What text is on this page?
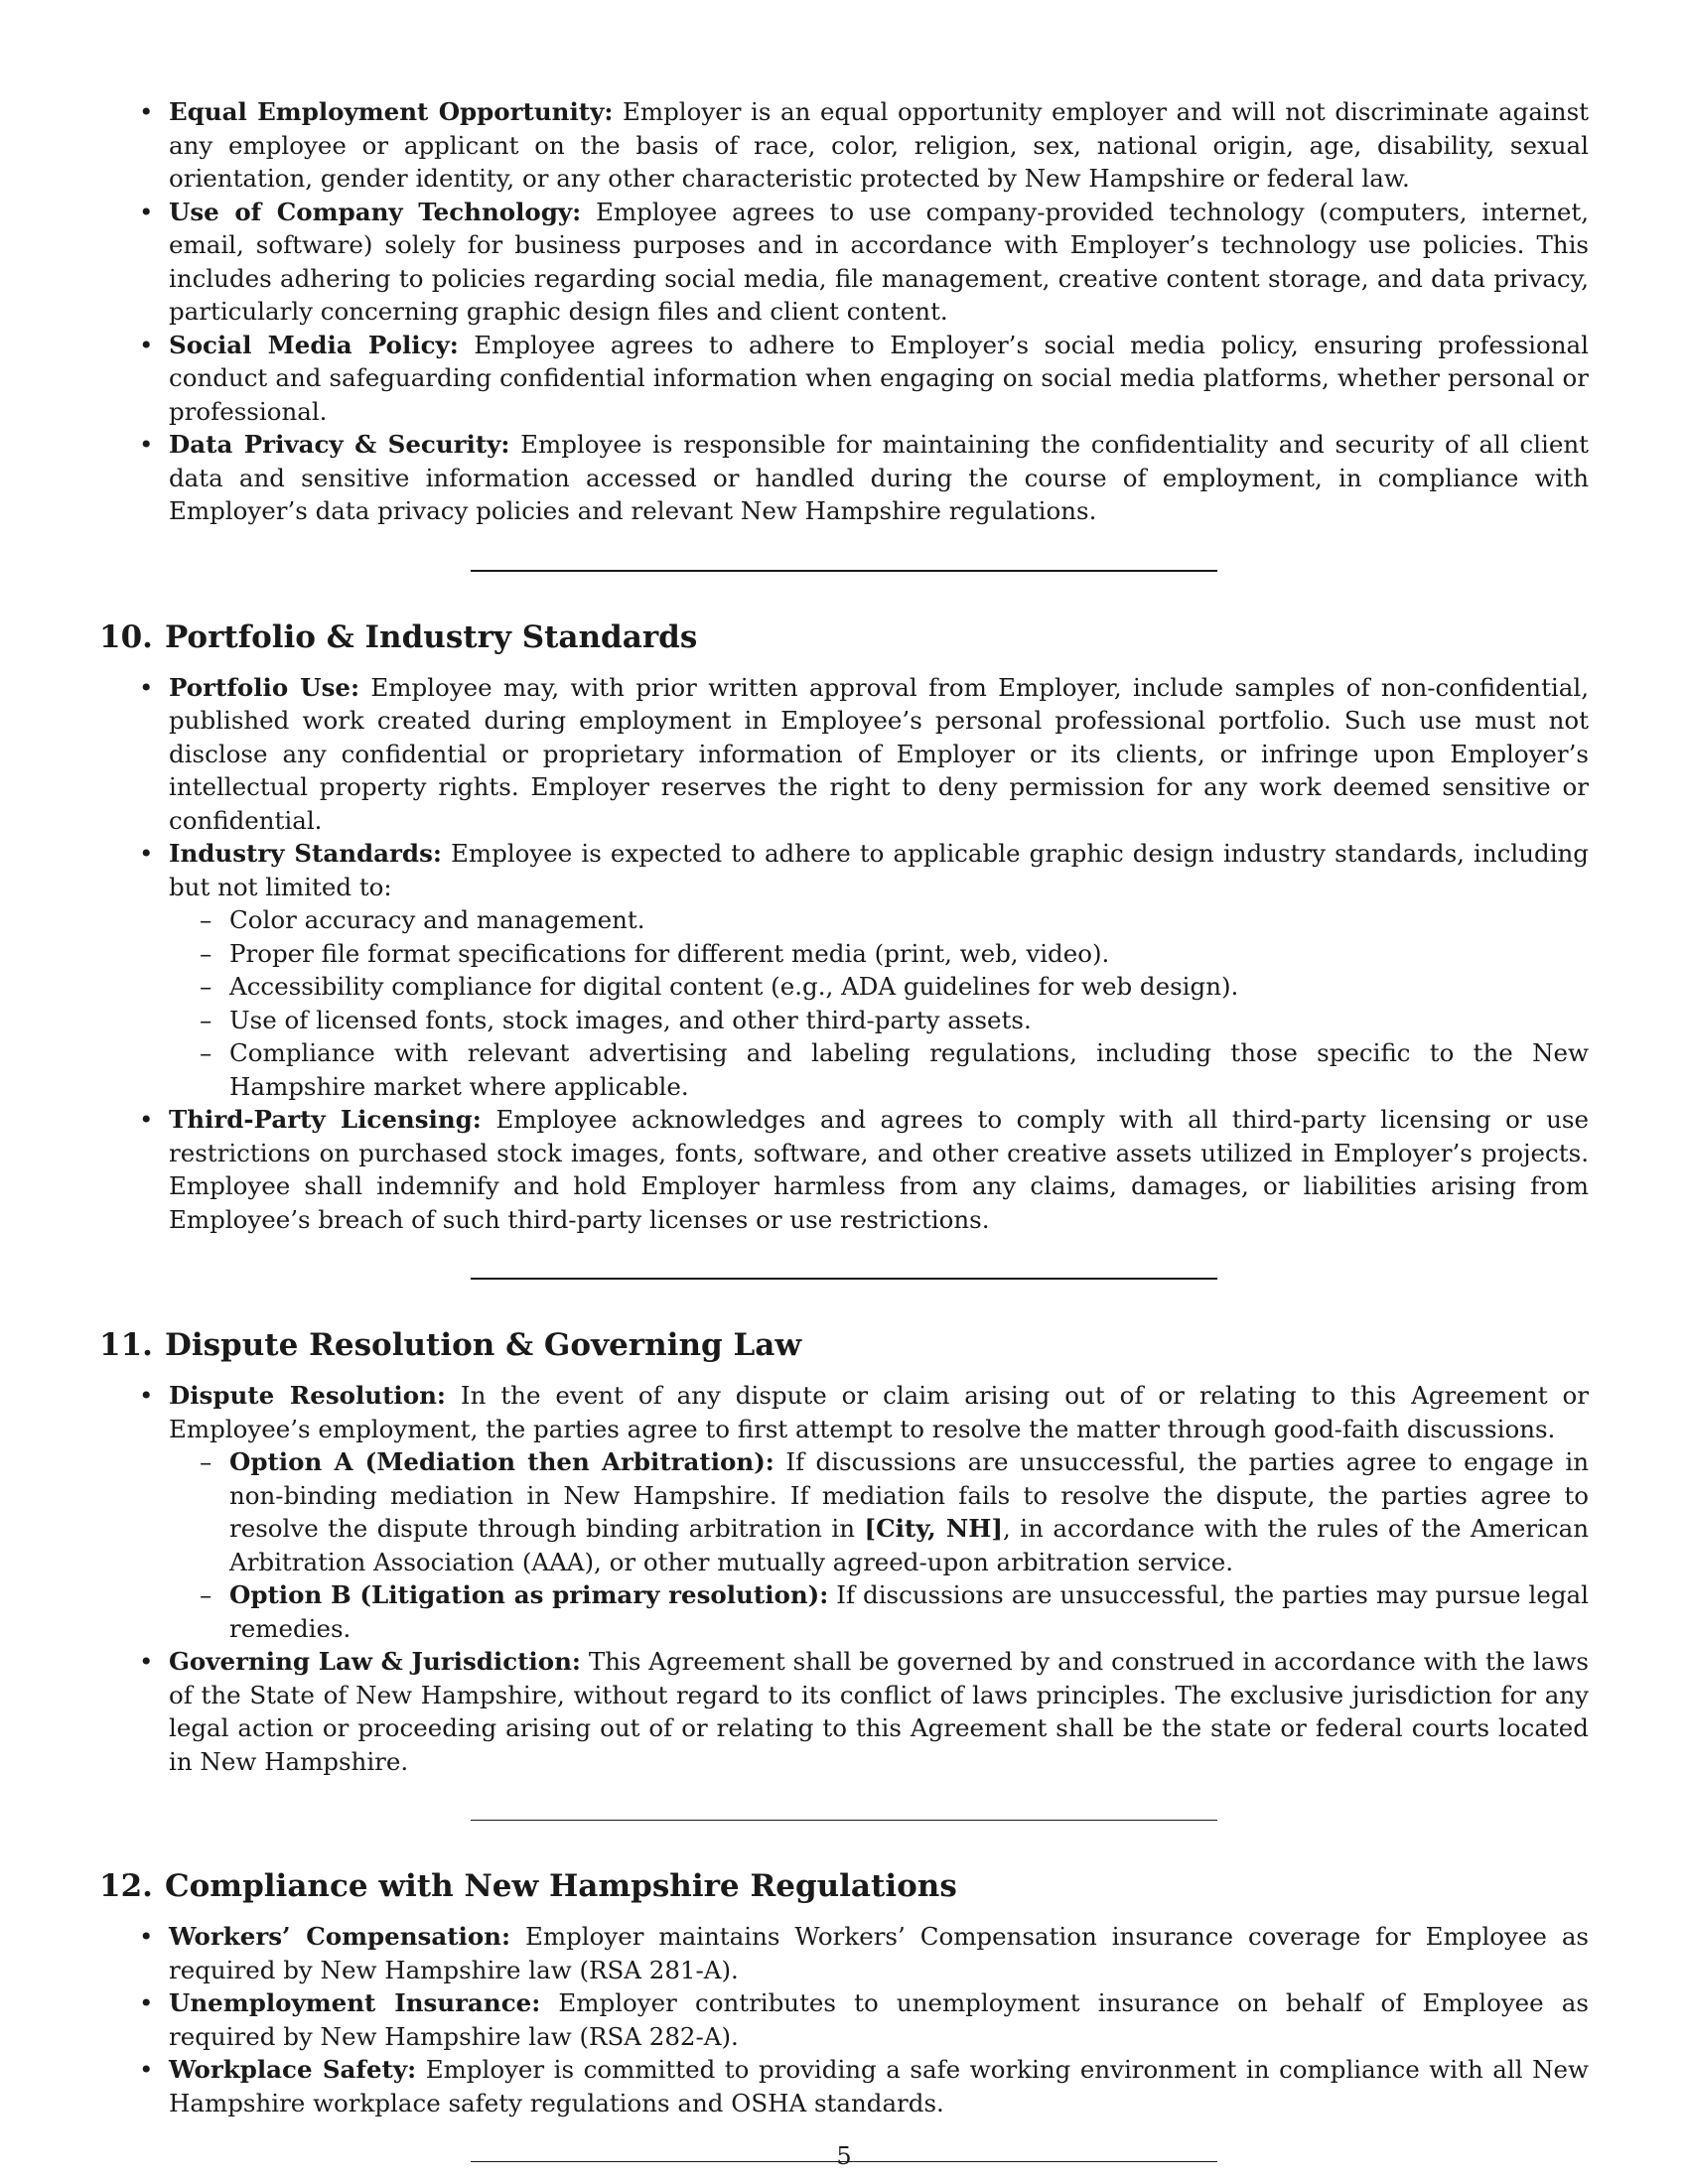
• Equal Employment Opportunity: Employer is an equal opportunity employer and will not discriminate against any employee or applicant on the basis of race, color, religion, sex, national origin, age, disability, sexual orientation, gender identity, or any other characteristic protected by New Hampshire or federal law.
• Use of Company Technology: Employee agrees to use company-provided technology (computers, internet, email, software) solely for business purposes and in accordance with Employer’s technology use policies. This includes adhering to policies regarding social media, file management, creative content storage, and data privacy, particularly concerning graphic design files and client content.
• Social Media Policy: Employee agrees to adhere to Employer’s social media policy, ensuring professional conduct and safeguarding confidential information when engaging on social media platforms, whether personal or professional.
• Data Privacy & Security: Employee is responsible for maintaining the confidentiality and security of all client data and sensitive information accessed or handled during the course of employment, in compliance with Employer’s data privacy policies and relevant New Hampshire regulations.
10. Portfolio & Industry Standards
• Portfolio Use: Employee may, with prior written approval from Employer, include samples of non-confidential, published work created during employment in Employee’s personal professional portfolio. Such use must not disclose any confidential or proprietary information of Employer or its clients, or infringe upon Employer’s intellectual property rights. Employer reserves the right to deny permission for any work deemed sensitive or confidential.
• Industry Standards: Employee is expected to adhere to applicable graphic design industry standards, including but not limited to:
– Color accuracy and management.
– Proper file format specifications for different media (print, web, video).
– Accessibility compliance for digital content (e.g., ADA guidelines for web design).
– Use of licensed fonts, stock images, and other third-party assets.
– Compliance with relevant advertising and labeling regulations, including those specific to the New Hampshire market where applicable.
• Third-Party Licensing: Employee acknowledges and agrees to comply with all third-party licensing or use restrictions on purchased stock images, fonts, software, and other creative assets utilized in Employer’s projects. Employee shall indemnify and hold Employer harmless from any claims, damages, or liabilities arising from Employee’s breach of such third-party licenses or use restrictions.
11. Dispute Resolution & Governing Law
• Dispute Resolution: In the event of any dispute or claim arising out of or relating to this Agreement or Employee’s employment, the parties agree to first attempt to resolve the matter through good-faith discussions.
– Option A (Mediation then Arbitration): If discussions are unsuccessful, the parties agree to engage in non-binding mediation in New Hampshire. If mediation fails to resolve the dispute, the parties agree to resolve the dispute through binding arbitration in [City, NH], in accordance with the rules of the American Arbitration Association (AAA), or other mutually agreed-upon arbitration service.
– Option B (Litigation as primary resolution): If discussions are unsuccessful, the parties may pursue legal remedies.
• Governing Law & Jurisdiction: This Agreement shall be governed by and construed in accordance with the laws of the State of New Hampshire, without regard to its conflict of laws principles. The exclusive jurisdiction for any legal action or proceeding arising out of or relating to this Agreement shall be the state or federal courts located in New Hampshire.
12. Compliance with New Hampshire Regulations
• Workers’ Compensation: Employer maintains Workers’ Compensation insurance coverage for Employee as required by New Hampshire law (RSA 281-A).
• Unemployment Insurance: Employer contributes to unemployment insurance on behalf of Employee as required by New Hampshire law (RSA 282-A).
• Workplace Safety: Employer is committed to providing a safe working environment in compliance with all New Hampshire workplace safety regulations and OSHA standards.
5
